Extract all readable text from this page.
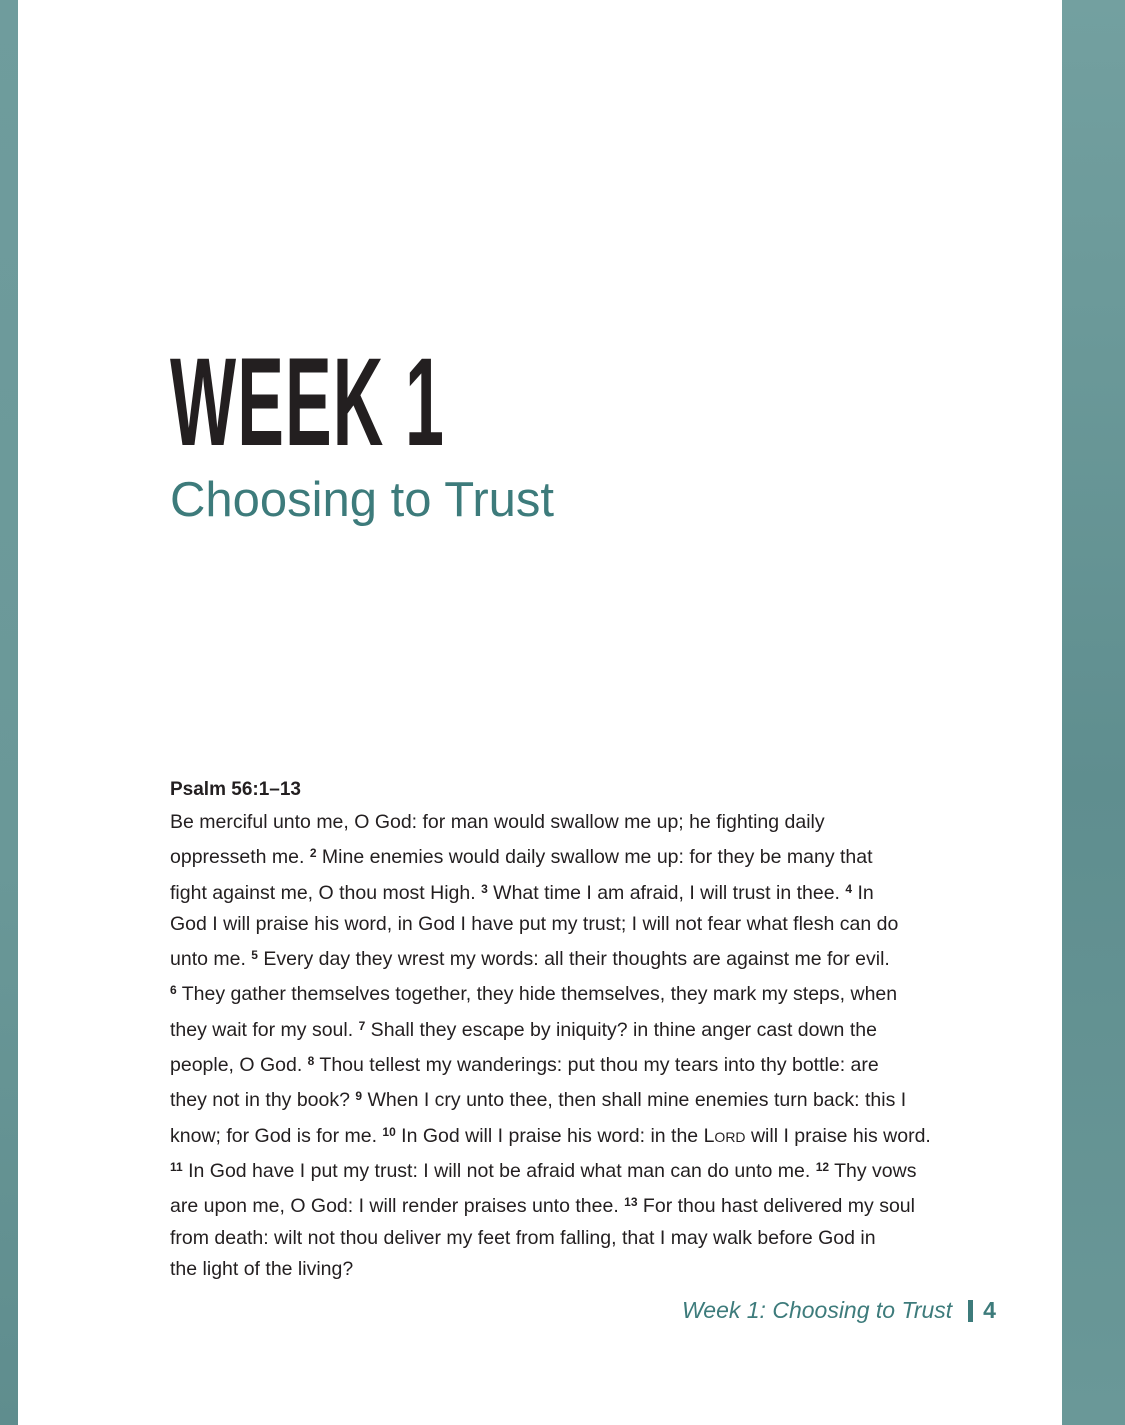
WEEK 1
Choosing to Trust
Psalm 56:1–13
Be merciful unto me, O God: for man would swallow me up; he fighting daily
oppresseth me. $^2$ Mine enemies would daily swallow me up: for they be many that
fight against me, O thou most High. $^3$ What time I am afraid, I will trust in thee. $^4$ In
God I will praise his word, in God I have put my trust; I will not fear what flesh can do
unto me. $^5$ Every day they wrest my words: all their thoughts are against me for evil.
$^6$ They gather themselves together, they hide themselves, they mark my steps, when
they wait for my soul. $^7$ Shall they escape by iniquity? in thine anger cast down the
people, O God. $^8$ Thou tellest my wanderings: put thou my tears into thy bottle: are
they not in thy book? $^9$ When I cry unto thee, then shall mine enemies turn back: this I
know; for God is for me. $^{10}$ In God will I praise his word: in the Lord will I praise his word.
$^{11}$ In God have I put my trust: I will not be afraid what man can do unto me. $^{12}$ Thy vows
are upon me, O God: I will render praises unto thee. $^{13}$ For thou hast delivered my soul
from death: wilt not thou deliver my feet from falling, that I may walk before God in
the light of the living?
Week 1: Choosing to Trust 4
